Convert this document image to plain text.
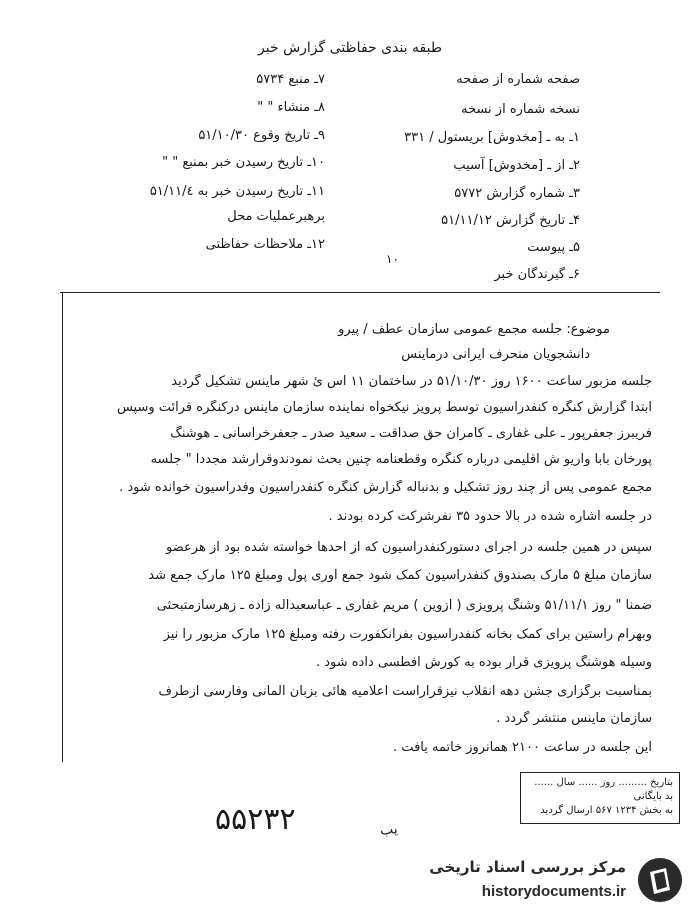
طبقه بندی حفاظتی گزارش خبر
صفحه شماره از صفحه
نسخه شماره از نسخه
۱ـ به ـ [مخدوش] بریستول / ۳۳۱
۲ـ از ـ [مخدوش] آسیب
۳ـ شماره گزارش ۵۷۷۲
۴ـ تاریخ گزارش ۵۱/۱۱/۱۲
۵ـ پیوست
۶ـ گیرندگان خبر
۷ـ منبع ۵۷۳۴
۸ـ منشاء " "
۹ـ تاریخ وقوع ۵۱/۱۰/۳۰
۱۰ـ تاریخ رسیدن خبر بمنبع " "
۱۱ـ تاریخ رسیدن خبر به ۵۱/۱۱/٤
برهبرعملیات محل
۱۲ـ ملاحظات حفاظتی
۱۰
موضوع: جلسه مجمع عمومی سازمان عطف / پیرو
دانشجویان منحرف ایرانی درماینس
جلسه مزبور ساعت ۱۶۰۰ روز ۵۱/۱۰/۳۰ در ساختمان ۱۱ اس ئ شهر ماینس تشکیل گردید
ابتدا گزارش کنگره کنفدراسیون توسط پرویز نیکخواه نماینده سازمان ماینس درکنگره قرائت وسپس
فریبرز جعفرپور ـ علی غفاری ـ کامران حق صداقت ـ سعید صدر ـ جعفرخراسانی ـ هوشنگ
پورخان بابا واریو ش اقلیمی درباره کنگره وقطعنامه چنین بحث نمودندوقرارشد مجددا " جلسه
مجمع عمومی پس از چند روز تشکیل و بدنباله گزارش کنگره کنفدراسیون وفدراسیون خوانده شود .
در جلسه اشاره شده در بالا حدود ۳۵ نفرشرکت کرده بودند .
سپس در همین جلسه در اجرای دستورکنفدراسیون که از احدها خواسته شده بود از هرعضو
سازمان مبلغ ۵ مارک بصندوق کنفدراسیون کمک شود جمع آوری پول ومبلغ ۱۲۵ مارک جمع شد
ضمنا " روز ۵۱/۱۱/۱ وشنگ پرویزی ( ازوین ) مریم غفاری ـ عباسعبداله زاده ـ زهرسازمتبحثی
وبهرام راستین برای کمک بخانه کنفدراسیون بفرانکفورت رفته ومبلغ ۱۲۵ مارک مزبور را نیز
وسیله هوشنگ پرویزی قرار بوده به کورش افطسی داده شود .
بمناسبت برگزاری جشن دهه انقلاب نیزقراراست اعلامیه هائی بزبان آلمانی وفارسی ازطرف
سازمان ماینس منتشر گردد .
این جلسه در ساعت ۲۱۰۰ همانروز خاتمه یافت .
بتاریخ ......... روز ...... سال ......
بد بایگانی
به بخش ۱۲۳۴ ۵۶۷ ارسال گردید
۵۵۲۳۲	یب
مرکز بررسی اسناد تاریخی
historydocuments.ir
